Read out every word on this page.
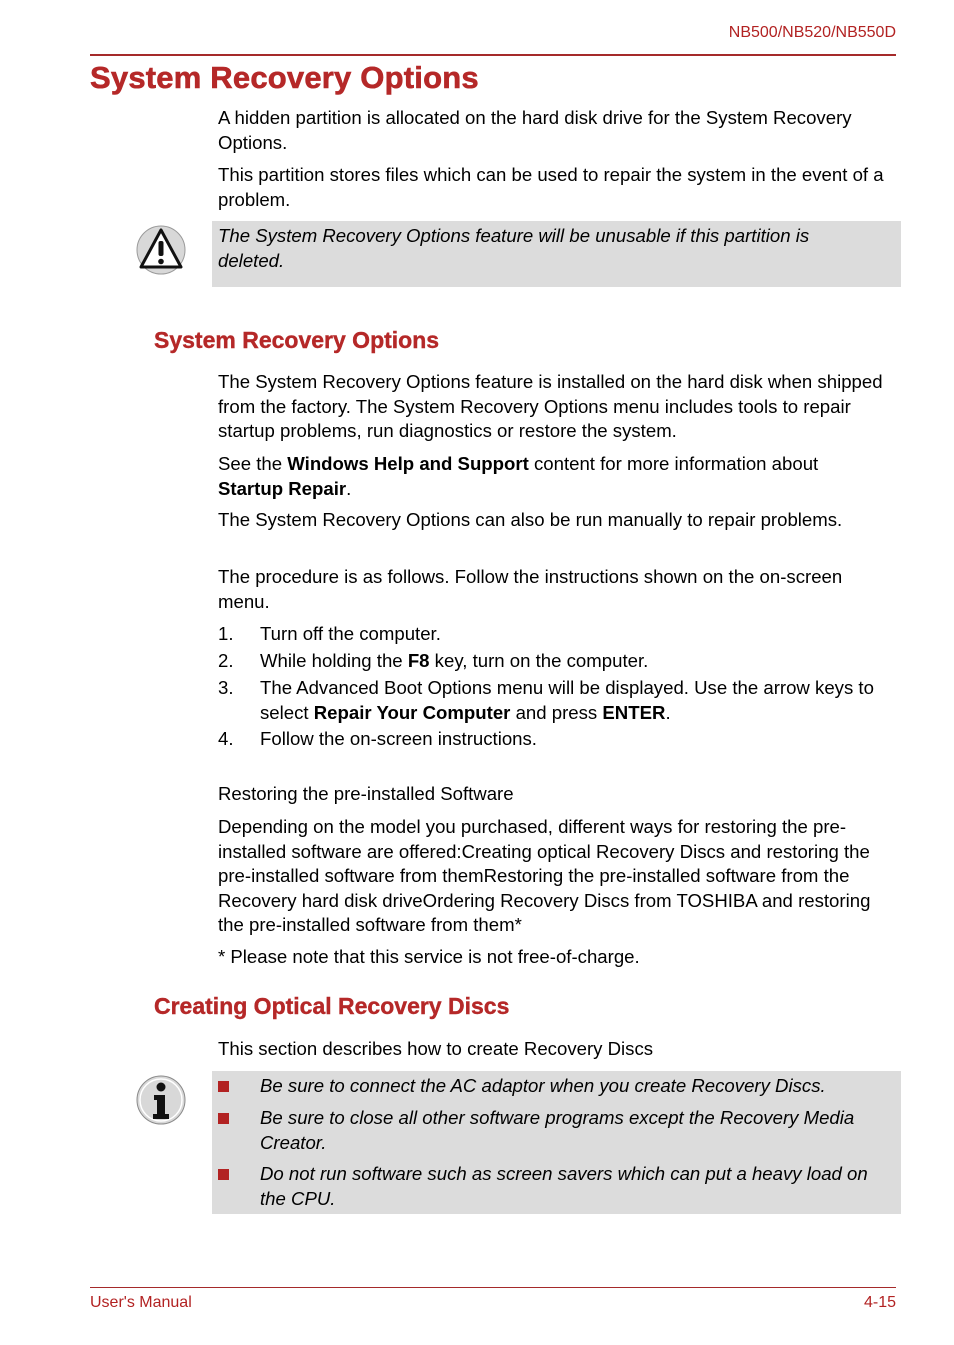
NB500/NB520/NB550D
System Recovery Options
A hidden partition is allocated on the hard disk drive for the System Recovery Options.
This partition stores files which can be used to repair the system in the event of a problem.
The System Recovery Options feature will be unusable if this partition is deleted.
System Recovery Options
The System Recovery Options feature is installed on the hard disk when shipped from the factory. The System Recovery Options menu includes tools to repair startup problems, run diagnostics or restore the system.
See the Windows Help and Support content for more information about Startup Repair.
The System Recovery Options can also be run manually to repair problems.
The procedure is as follows. Follow the instructions shown on the on-screen menu.
1. Turn off the computer.
2. While holding the F8 key, turn on the computer.
3. The Advanced Boot Options menu will be displayed. Use the arrow keys to select Repair Your Computer and press ENTER.
4. Follow the on-screen instructions.
Restoring the pre-installed Software
Depending on the model you purchased, different ways for restoring the pre-installed software are offered:Creating optical Recovery Discs and restoring the pre-installed software from themRestoring the pre-installed software from the Recovery hard disk driveOrdering Recovery Discs from TOSHIBA and restoring the pre-installed software from them*
* Please note that this service is not free-of-charge.
Creating Optical Recovery Discs
This section describes how to create Recovery Discs
Be sure to connect the AC adaptor when you create Recovery Discs.
Be sure to close all other software programs except the Recovery Media Creator.
Do not run software such as screen savers which can put a heavy load on the CPU.
User's Manual	4-15
